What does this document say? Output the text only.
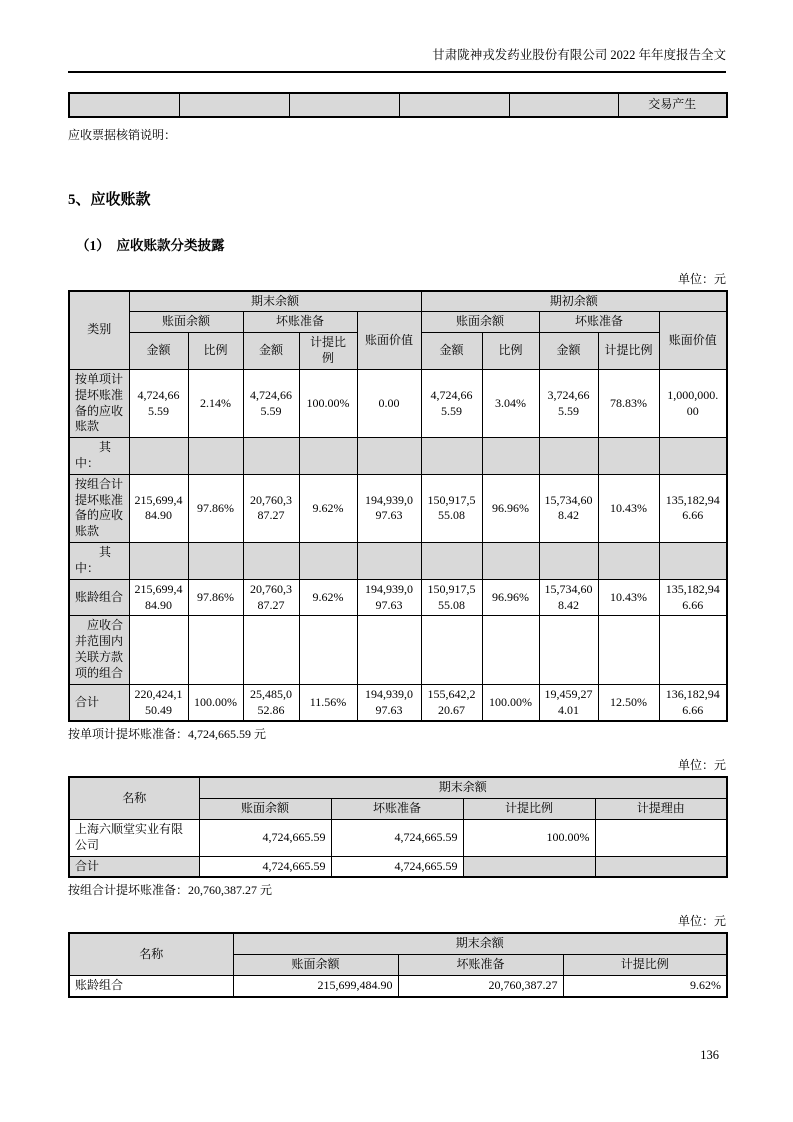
甘肃陇神戎发药业股份有限公司 2022 年年度报告全文
					交易产生

应收票据核销说明：

5、应收账款
（1）　应收账款分类披露
单位：元
类别	期末余额					期初余额				
	账面余额		坏账准备		账面价值	账面余额		坏账准备		账面价值
	金额	比例	金额	计提比例		金额	比例	金额	计提比例	
按单项计提坏账准备的应收账款	4,724,665.59	2.14%	4,724,665.59	100.00%	0.00	4,724,665.59	3.04%	3,724,665.59	78.83%	1,000,000.00
　　其中：										
按组合计提坏账准备的应收账款	215,699,484.90	97.86%	20,760,387.27	9.62%	194,939,097.63	150,917,555.08	96.96%	15,734,608.42	10.43%	135,182,946.66
　　其中：										
账龄组合	215,699,484.90	97.86%	20,760,387.27	9.62%	194,939,097.63	150,917,555.08	96.96%	15,734,608.42	10.43%	135,182,946.66
　应收合并范围内关联方款项的组合										
合计	220,424,150.49	100.00%	25,485,052.86	11.56%	194,939,097.63	155,642,220.67	100.00%	19,459,274.01	12.50%	136,182,946.66

按单项计提坏账准备：4,724,665.59 元

单位：元
名称	期末余额			
	账面余额	坏账准备	计提比例	计提理由
上海六顺堂实业有限公司	4,724,665.59	4,724,665.59	100.00%	
合计	4,724,665.59	4,724,665.59		

按组合计提坏账准备：20,760,387.27 元

单位：元
名称	期末余额		
	账面余额	坏账准备	计提比例
账龄组合	215,699,484.90	20,760,387.27	9.62%
136
